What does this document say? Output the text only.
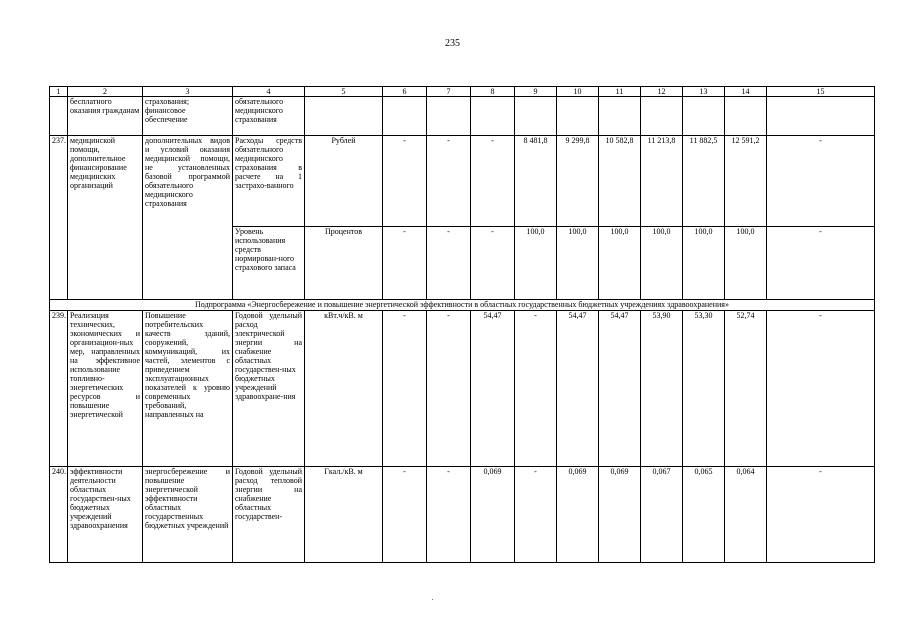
235
1	2	3	4	5	6	7	8	9	10	11	12	13	14	15
	бесплатного оказания гражданам	страхования; финансовое обеспечение	обязательного медицинского страхования											
237.	медицинской помощи, дополнительное финансирование медицинских организаций	дополнительных видов и условий оказания медицинской помощи, не установленных базовой программой обязательного медицинского страхования	Расходы средств обязательного медицинского страхования в расчете на 1 застрахо-ванного	Рублей	-	-	-	8 481,8	9 299,8	10 582,8	11 213,8	11 882,5	12 591,2	-
			Уровень использования средств нормирован-ного страхового запаса	Процентов	-	-	-	100,0	100,0	100,0	100,0	100,0	100,0	-
Подпрограмма «Энергосбережение и повышение энергетической эффективности в областных государственных бюджетных учреждениях здравоохранения»														
239.	Реализация технических, экономических и организацион-ных мер, направленных на эффективное использование топливно-энергетических ресурсов и повышение энергетической	Повышение потребительских качеств зданий, сооружений, коммуникаций, их частей, элементов с приведением эксплуатационных показателей к уровню современных требований, направленных на	Годовой удельный расход электрической энергии на снабжение областных государствен-ных бюджетных учреждений здравоохране-ния	кВт.ч/кВ. м	-	-	54,47	-	54,47	54,47	53,90	53,30	52,74	-
240.	эффективности деятельности областных государствен-ных бюджетных учреждений здравоохранения	энергосбережение и повышение энергетической эффективности областных государственных бюджетных учреждений	Годовой удельный расход тепловой энергии на снабжение областных государствен-	Гкал./кВ. м	-	-	0,069	-	0,069	0,069	0,067	0,065	0,064	-
